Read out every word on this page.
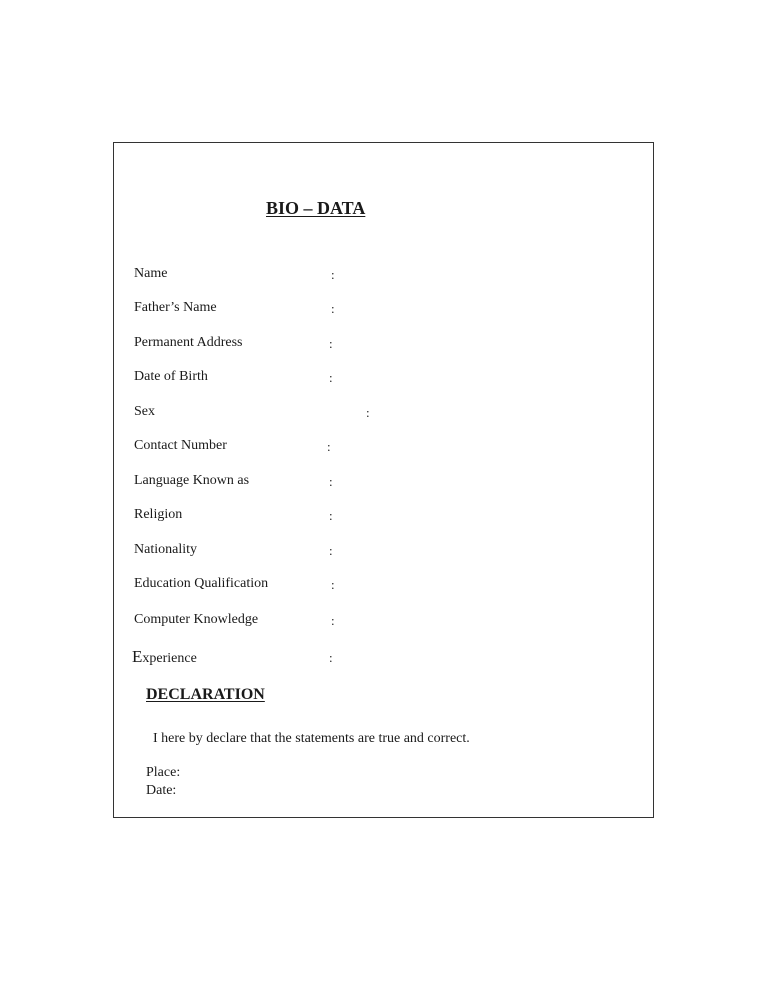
BIO – DATA
Name	:
Father’s Name	:
Permanent Address	:
Date of Birth	:
Sex	:
Contact Number	:
Language Known as	:
Religion	:
Nationality	:
Education Qualification	:
Computer Knowledge	:
Experience	:
DECLARATION
I here by declare that the statements are true and correct.
Place:
Date:
